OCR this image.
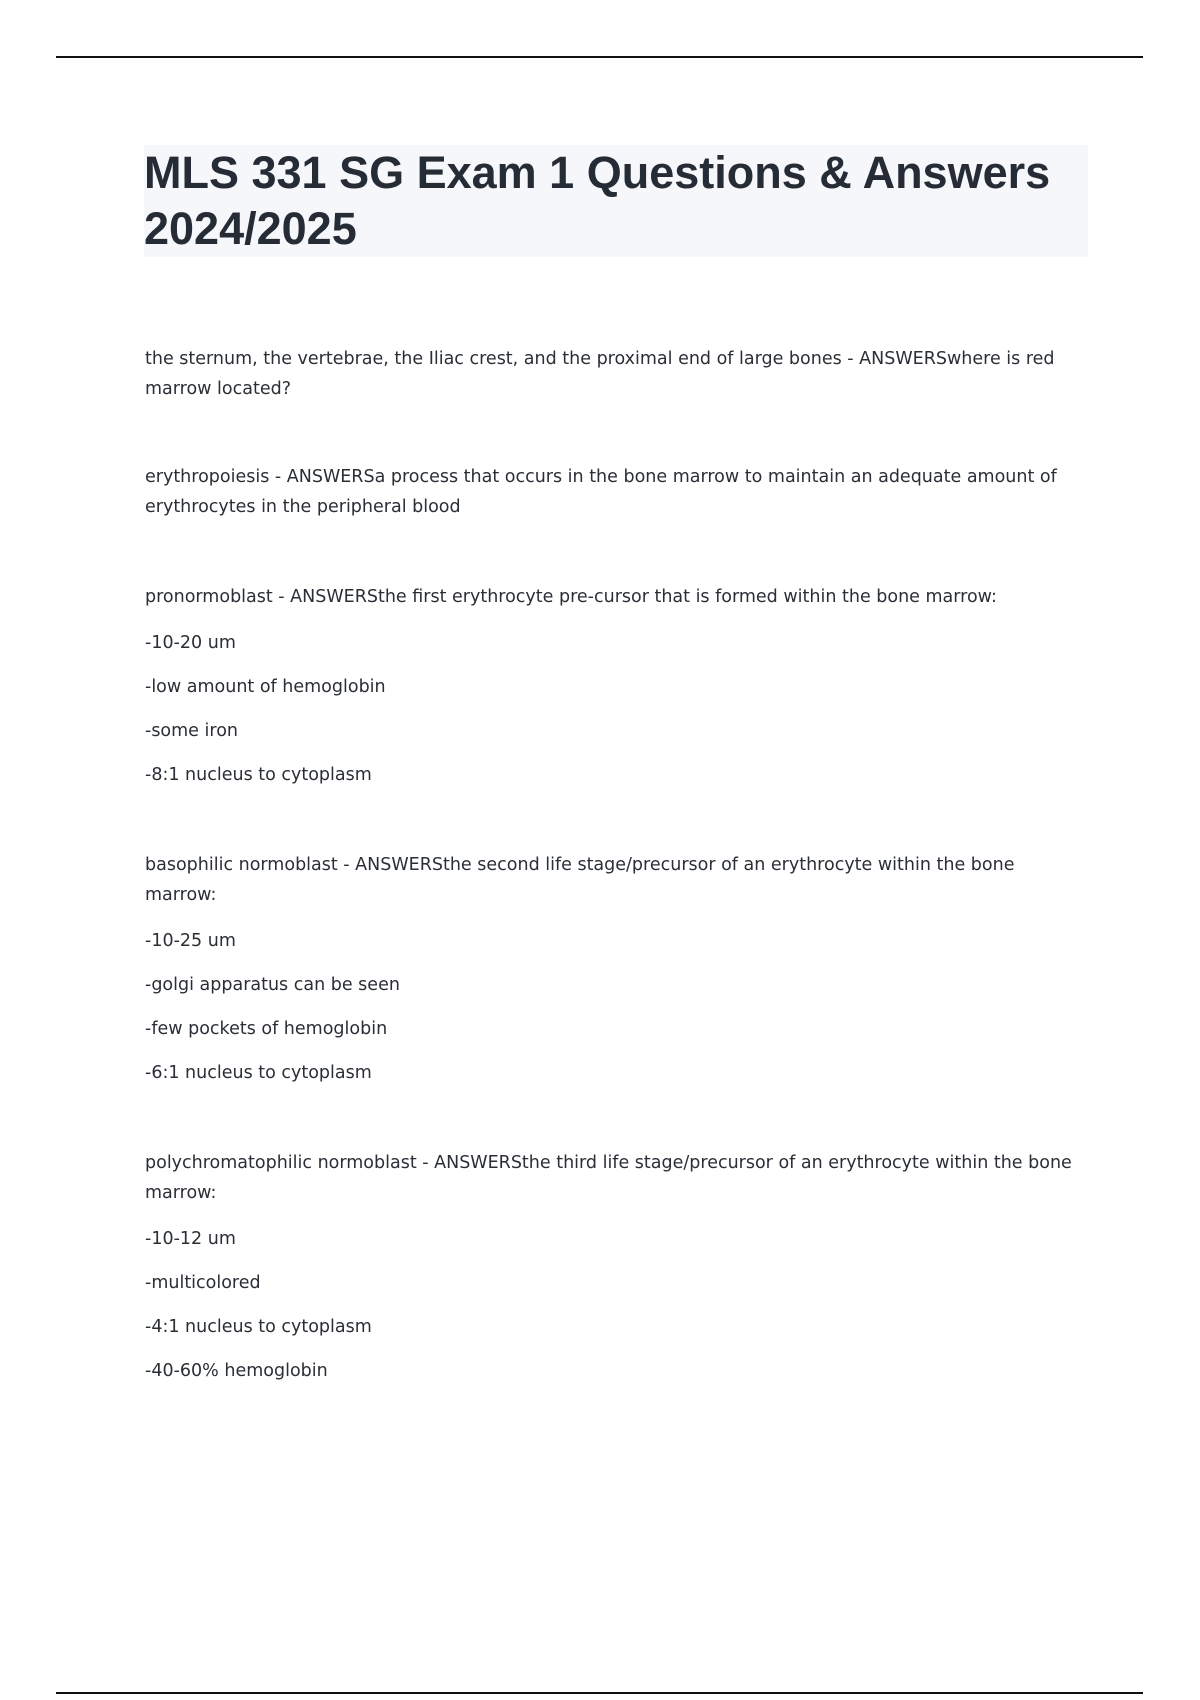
MLS 331 SG Exam 1 Questions & Answers 2024/2025

the sternum, the vertebrae, the Iliac crest, and the proximal end of large bones - ANSWERSwhere is red marrow located?

erythropoiesis - ANSWERSa process that occurs in the bone marrow to maintain an adequate amount of erythrocytes in the peripheral blood

pronormoblast - ANSWERSthe first erythrocyte pre-cursor that is formed within the bone marrow:

-10-20 um

-low amount of hemoglobin

-some iron

-8:1 nucleus to cytoplasm

basophilic normoblast - ANSWERSthe second life stage/precursor of an erythrocyte within the bone marrow:

-10-25 um

-golgi apparatus can be seen

-few pockets of hemoglobin

-6:1 nucleus to cytoplasm

polychromatophilic normoblast - ANSWERSthe third life stage/precursor of an erythrocyte within the bone marrow:

-10-12 um

-multicolored

-4:1 nucleus to cytoplasm

-40-60% hemoglobin
